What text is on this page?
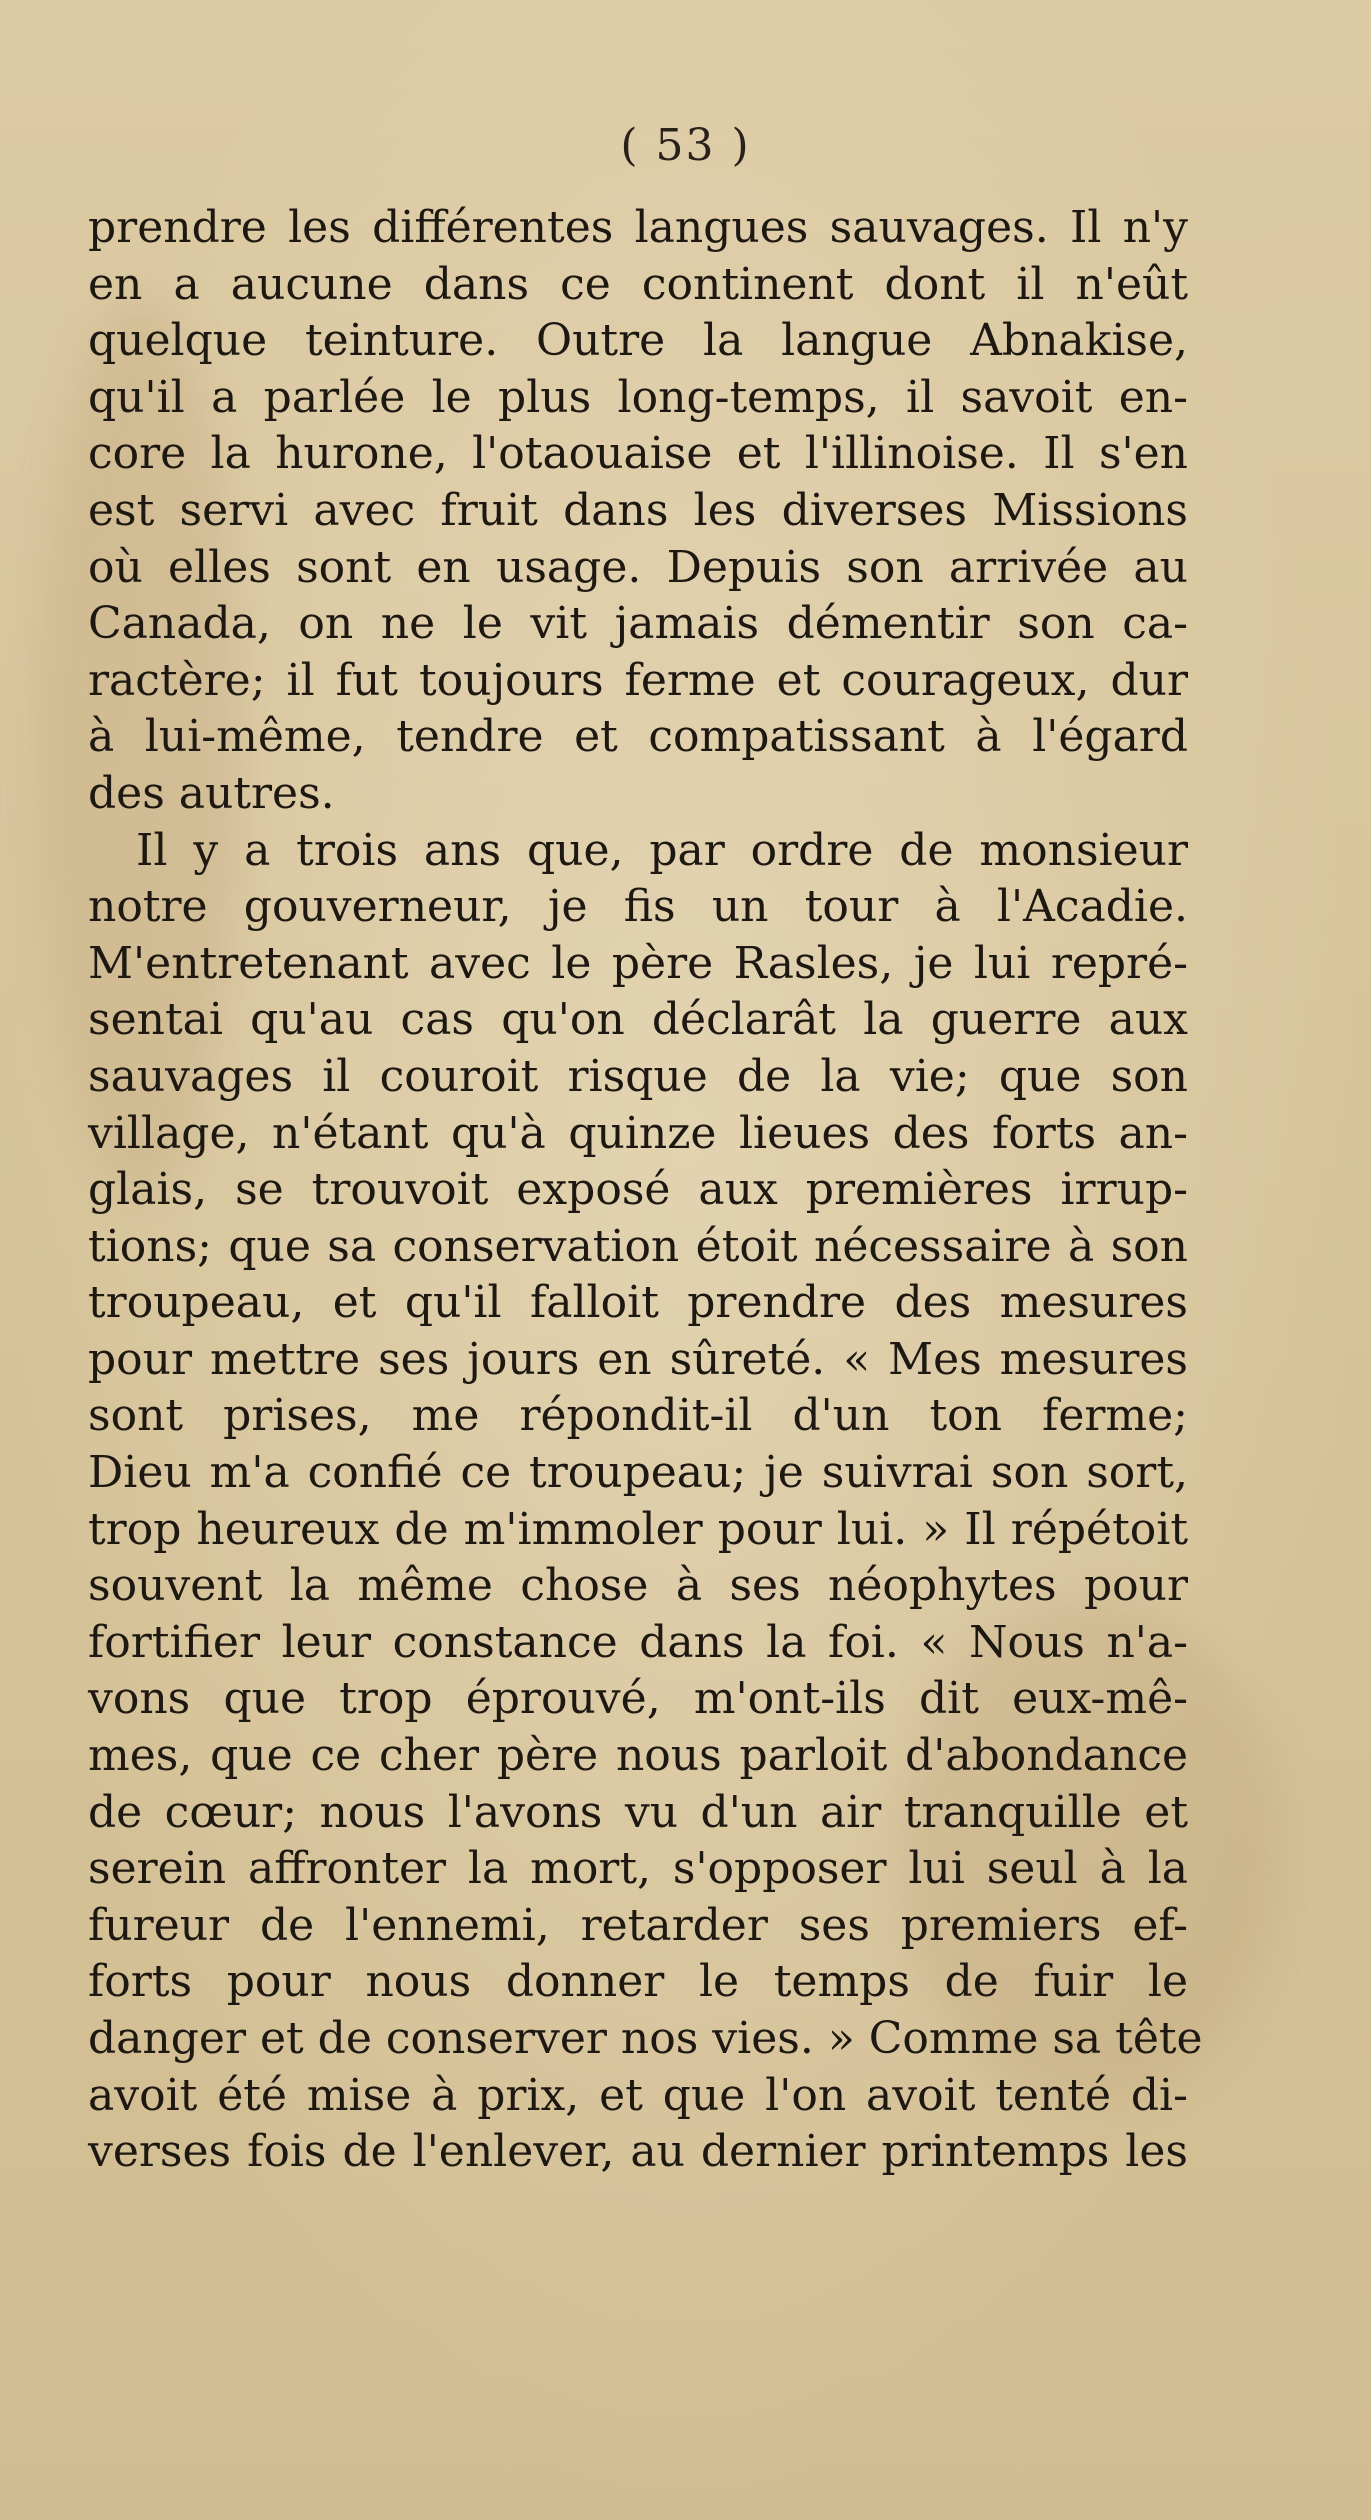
( 53 )
prendre les différentes langues sauvages. Il n'y
en a aucune dans ce continent dont il n'eût
quelque teinture. Outre la langue Abnakise,
qu'il a parlée le plus long-temps, il savoit en-
core la hurone, l'otaouaise et l'illinoise. Il s'en
est servi avec fruit dans les diverses Missions
où elles sont en usage. Depuis son arrivée au
Canada, on ne le vit jamais démentir son ca-
ractère; il fut toujours ferme et courageux, dur
à lui-même, tendre et compatissant à l'égard
des autres.
Il y a trois ans que, par ordre de monsieur
notre gouverneur, je fis un tour à l'Acadie.
M'entretenant avec le père Rasles, je lui repré-
sentai qu'au cas qu'on déclarât la guerre aux
sauvages il couroit risque de la vie; que son
village, n'étant qu'à quinze lieues des forts an-
glais, se trouvoit exposé aux premières irrup-
tions; que sa conservation étoit nécessaire à son
troupeau, et qu'il falloit prendre des mesures
pour mettre ses jours en sûreté. « Mes mesures
sont prises, me répondit-il d'un ton ferme;
Dieu m'a confié ce troupeau; je suivrai son sort,
trop heureux de m'immoler pour lui. » Il répétoit
souvent la même chose à ses néophytes pour
fortifier leur constance dans la foi. « Nous n'a-
vons que trop éprouvé, m'ont-ils dit eux-mê-
mes, que ce cher père nous parloit d'abondance
de cœur; nous l'avons vu d'un air tranquille et
serein affronter la mort, s'opposer lui seul à la
fureur de l'ennemi, retarder ses premiers ef-
forts pour nous donner le temps de fuir le
danger et de conserver nos vies. » Comme sa tête
avoit été mise à prix, et que l'on avoit tenté di-
verses fois de l'enlever, au dernier printemps les
